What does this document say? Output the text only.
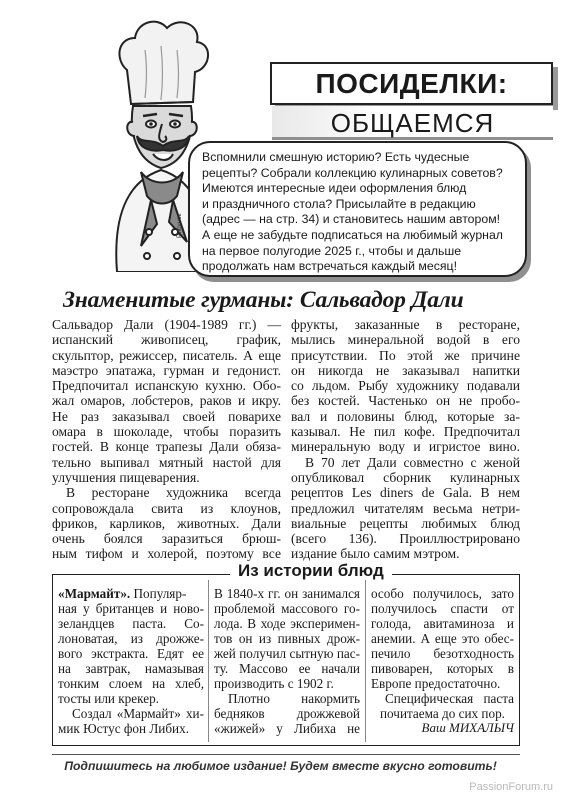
Рисунок
ПОСИДЕЛКИ:
ОБЩАЕМСЯ

Вспомнили смешную историю? Есть чудесные

рецепты? Собрали коллекцию кулинарных советов?

Имеются интересные идеи оформления блюд

и праздничного стола? Присылайте в редакцию

(адрес — на стр. 34) и становитесь нашим автором!

А еще не забудьте подписаться на любимый журнал

на первое полугодие 2025 г., чтобы и дальше

продолжать нам встречаться каждый месяц!

Знаменитые гурманы: Сальвадор Дали

Сальвадор Дали (1904-1989 гг.) —

испанский живописец, график,

скульптор, режиссер, писатель. А еще

маэстро эпатажа, гурман и гедонист.

Предпочитал испанскую кухню. Обо-

жал омаров, лобстеров, раков и икру.

Не раз заказывал своей поварихе

омара в шоколаде, чтобы поразить

гостей. В конце трапезы Дали обяза-

тельно выпивал мятный настой для

улучшения пищеварения.

В ресторане художника всегда

сопровождала свита из клоунов,

фриков, карликов, животных. Дали

очень боялся заразиться брюш-

ным тифом и холерой, поэтому все

фрукты, заказанные в ресторане,

мылись минеральной водой в его

присутствии. По этой же причине

он никогда не заказывал напитки

со льдом. Рыбу художнику подавали

без костей. Частенько он не пробо-

вал и половины блюд, которые за-

казывал. Не пил кофе. Предпочитал

минеральную воду и игристое вино.

В 70 лет Дали совместно с женой

опубликовал сборник кулинарных

рецептов Les diners de Gala. В нем

предложил читателям весьма нетри-

виальные рецепты любимых блюд

(всего 136). Проиллюстрировано

издание было самим мэтром.

Из истории блюд

«Мармайт». Популяр-

ная у британцев и ново-

зеландцев паста. Со-

лоноватая, из дрожже-

вого экстракта. Едят ее

на завтрак, намазывая

тонким слоем на хлеб,

тосты или крекер.

Создал «Мармайт» хи-

мик Юстус фон Либих.

В 1840-х гг. он занимался

проблемой массового го-

лода. В ходе эксперимен-

тов он из пивных дрож-

жей получил сытную пас-

ту. Массово ее начали

производить с 1902 г.

Плотно накормить

бедняков дрожжевой

«жижей» у Либиха не

особо получилось, зато

получилось спасти от

голода, авитаминоза и

анемии. А еще это обес-

печило безотходность

пивоварен, которых в

Европе предостаточно.

Специфическая паста

почитаема до сих пор.

Ваш МИХАЛЫЧ
Подпишитесь на любимое издание! Будем вместе вкусно готовить!
PassionForum.ru
